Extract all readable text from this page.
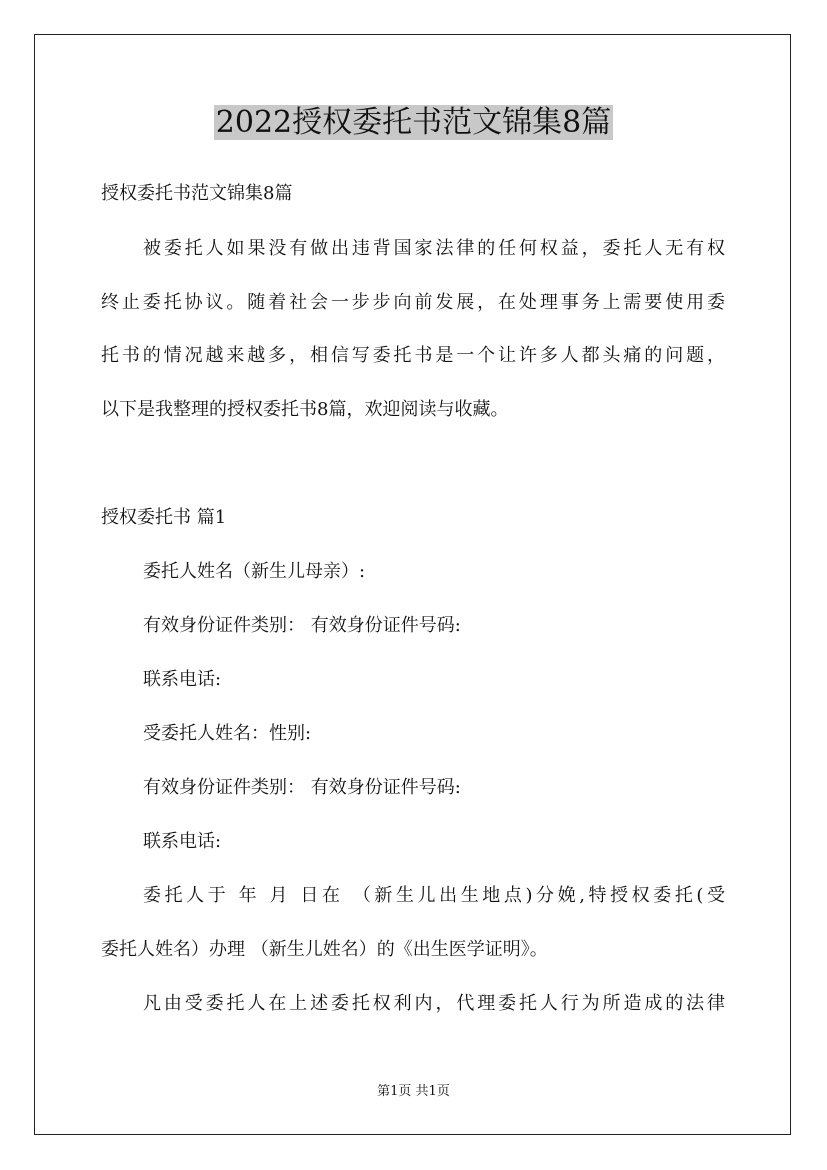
2022授权委托书范文锦集8篇

授权委托书范文锦集8篇

被委托人如果没有做出违背国家法律的任何权益，委托人无有权

终止委托协议。随着社会一步步向前发展，在处理事务上需要使用委

托书的情况越来越多，相信写委托书是一个让许多人都头痛的问题，

以下是我整理的授权委托书8篇，欢迎阅读与收藏。

授权委托书 篇1

委托人姓名（新生儿母亲）:

有效身份证件类别： 有效身份证件号码:

联系电话:

受委托人姓名：性别:

有效身份证件类别： 有效身份证件号码:

联系电话:

委托人于 年 月 日在 （新生儿出生地点)分娩,特授权委托(受

委托人姓名）办理 （新生儿姓名）的《出生医学证明》。

凡由受委托人在上述委托权利内，代理委托人行为所造成的法律

第1页 共1页
